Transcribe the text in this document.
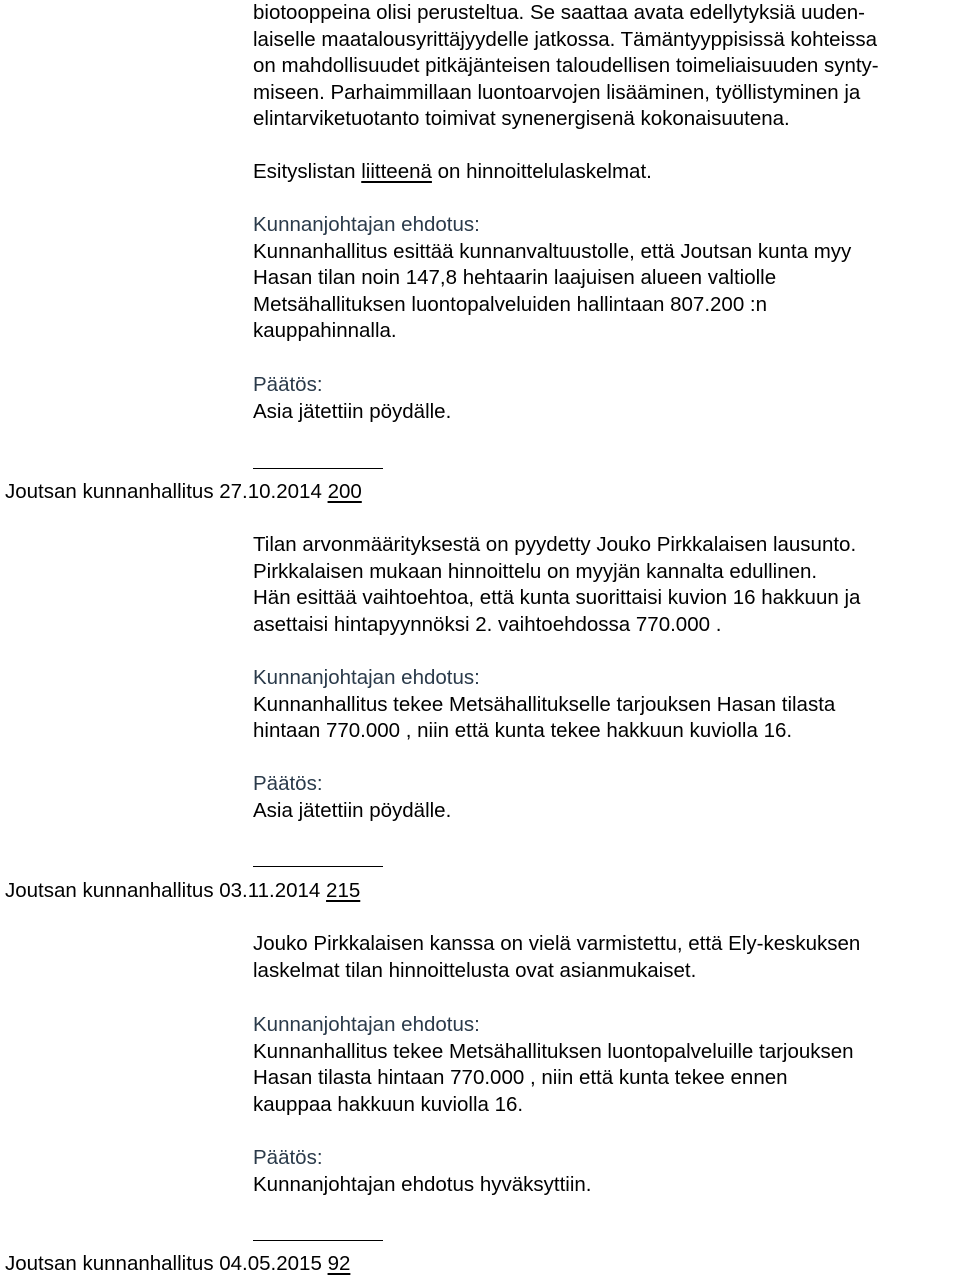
biotooppeina olisi perusteltua. Se saattaa avata edellytyksiä uuden-
laiselle maatalousyrittäjyydelle jatkossa. Tämäntyyppisissä kohteissa
on mahdollisuudet pitkäjänteisen taloudellisen toimeliaisuuden synty-
miseen. Parhaimmillaan luontoarvojen lisääminen, työllistyminen ja
elintarviketuotanto toimivat synenergisenä kokonaisuutena.
Esityslistan liitteenä on hinnoittelulaskelmat.
Kunnanjohtajan ehdotus:
Kunnanhallitus esittää kunnanvaltuustolle, että Joutsan kunta myy
Hasan tilan noin 147,8 hehtaarin laajuisen alueen valtiolle
Metsähallituksen luontopalveluiden hallintaan 807.200 :n
kauppahinnalla.
Päätös:
Asia jätettiin pöydälle.
Joutsan kunnanhallitus 27.10.2014 200
Tilan arvonmäärityksestä on pyydetty Jouko Pirkkalaisen lausunto.
Pirkkalaisen mukaan hinnoittelu on myyjän kannalta edullinen.
Hän esittää vaihtoehtoa, että kunta suorittaisi kuvion 16 hakkuun ja
asettaisi hintapyynnöksi 2. vaihtoehdossa 770.000 .
Kunnanjohtajan ehdotus:
Kunnanhallitus tekee Metsähallitukselle tarjouksen Hasan tilasta
hintaan 770.000 , niin että kunta tekee hakkuun kuviolla 16.
Päätös:
Asia jätettiin pöydälle.
Joutsan kunnanhallitus 03.11.2014 215
Jouko Pirkkalaisen kanssa on vielä varmistettu, että Ely-keskuksen
laskelmat tilan hinnoittelusta ovat asianmukaiset.
Kunnanjohtajan ehdotus:
Kunnanhallitus tekee Metsähallituksen luontopalveluille tarjouksen
Hasan tilasta hintaan 770.000 , niin että kunta tekee ennen
kauppaa hakkuun kuviolla 16.
Päätös:
Kunnanjohtajan ehdotus hyväksyttiin.
Joutsan kunnanhallitus 04.05.2015 92
